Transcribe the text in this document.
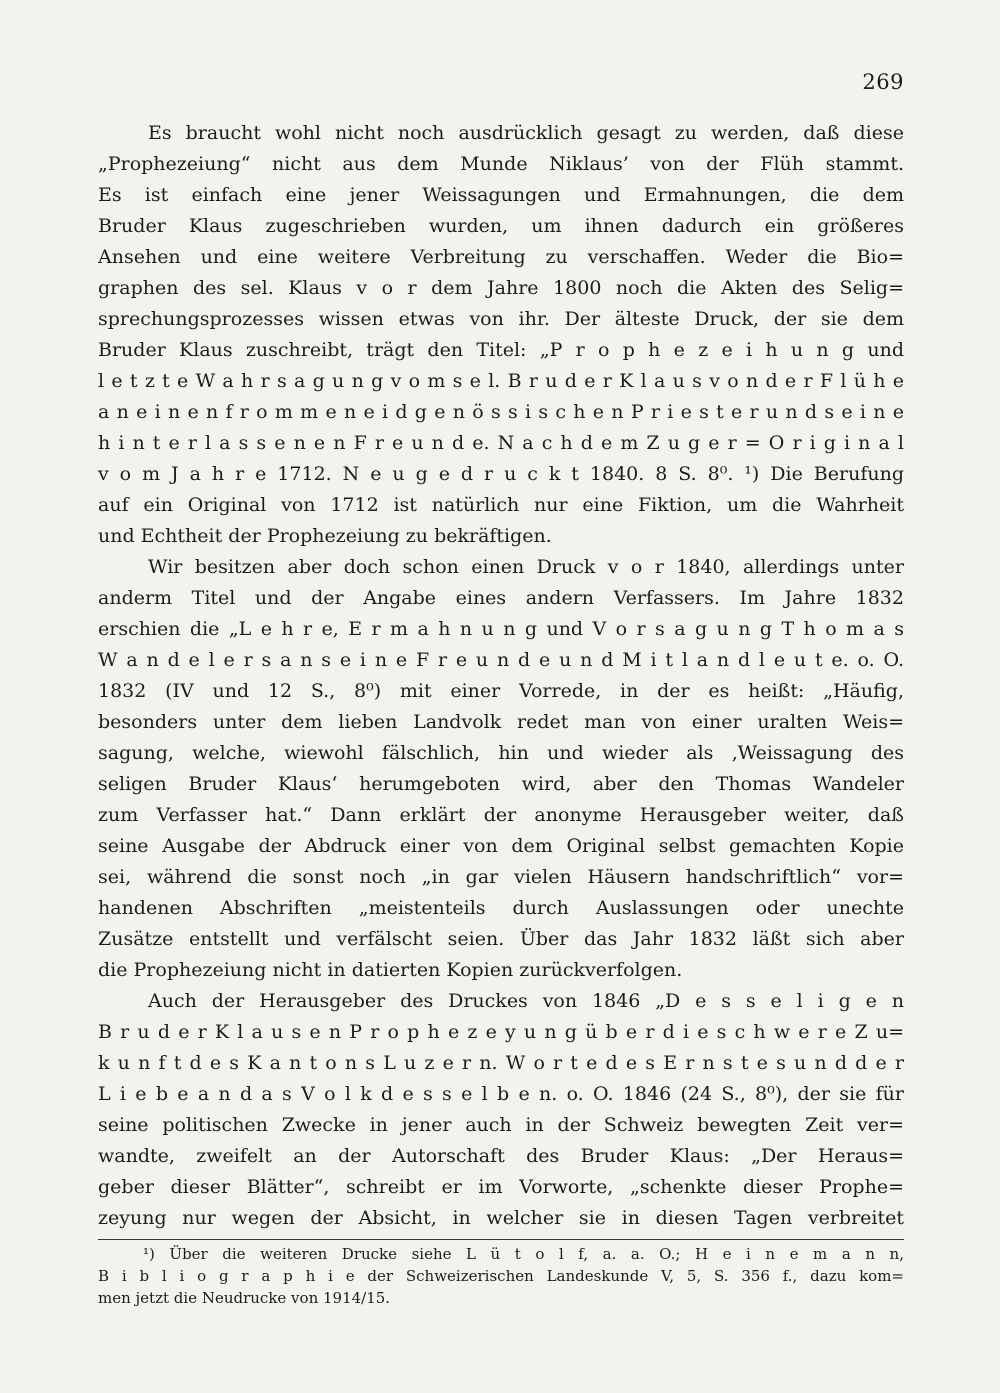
269
Es braucht wohl nicht noch ausdrücklich gesagt zu werden, daß diese
„Prophezeiung“ nicht aus dem Munde Niklaus’ von der Flüh stammt.
Es ist einfach eine jener Weissagungen und Ermahnungen, die dem
Bruder Klaus zugeschrieben wurden, um ihnen dadurch ein größeres
Ansehen und eine weitere Verbreitung zu verschaffen. Weder die Bio=
graphen des sel. Klaus v o r dem Jahre 1800 noch die Akten des Selig=
sprechungsprozesses wissen etwas von ihr. Der älteste Druck, der sie dem
Bruder Klaus zuschreibt, trägt den Titel: „P r o p h e z e i h u n g und
l e t z t e W a h r s a g u n g v o m s e l. B r u d e r K l a u s v o n d e r F l ü h e
a n e i n e n f r o m m e n e i d g e n ö s s i s c h e n P r i e s t e r u n d s e i n e
h i n t e r l a s s e n e n F r e u n d e. N a c h d e m Z u g e r = O r i g i n a l
v o m J a h r e 1712. N e u g e d r u c k t 1840. 8 S. 8⁰. ¹) Die Berufung
auf ein Original von 1712 ist natürlich nur eine Fiktion, um die Wahrheit
und Echtheit der Prophezeiung zu bekräftigen.
Wir besitzen aber doch schon einen Druck v o r 1840, allerdings unter
anderm Titel und der Angabe eines andern Verfassers. Im Jahre 1832
erschien die „L e h r e, E r m a h n u n g und V o r s a g u n g T h o m a s
W a n d e l e r s a n s e i n e F r e u n d e u n d M i t l a n d l e u t e. o. O.
1832 (IV und 12 S., 8⁰) mit einer Vorrede, in der es heißt: „Häufig,
besonders unter dem lieben Landvolk redet man von einer uralten Weis=
sagung, welche, wiewohl fälschlich, hin und wieder als ‚Weissagung des
seligen Bruder Klaus‘ herumgeboten wird, aber den Thomas Wandeler
zum Verfasser hat.“ Dann erklärt der anonyme Herausgeber weiter, daß
seine Ausgabe der Abdruck einer von dem Original selbst gemachten Kopie
sei, während die sonst noch „in gar vielen Häusern handschriftlich“ vor=
handenen Abschriften „meistenteils durch Auslassungen oder unechte
Zusätze entstellt und verfälscht seien. Über das Jahr 1832 läßt sich aber
die Prophezeiung nicht in datierten Kopien zurückverfolgen.
Auch der Herausgeber des Druckes von 1846 „D e s s e l i g e n
B r u d e r K l a u s e n P r o p h e z e y u n g ü b e r d i e s c h w e r e Z u=
k u n f t d e s K a n t o n s L u z e r n. W o r t e d e s E r n s t e s u n d d e r
L i e b e a n d a s V o l k d e s s e l b e n. o. O. 1846 (24 S., 8⁰), der sie für
seine politischen Zwecke in jener auch in der Schweiz bewegten Zeit ver=
wandte, zweifelt an der Autorschaft des Bruder Klaus: „Der Heraus=
geber dieser Blätter“, schreibt er im Vorworte, „schenkte dieser Prophe=
zeyung nur wegen der Absicht, in welcher sie in diesen Tagen verbreitet
¹) Über die weiteren Drucke siehe L ü t o l f, a. a. O.; H e i n e m a n n,
B i b l i o g r a p h i e der Schweizerischen Landeskunde V, 5, S. 356 f., dazu kom=
men jetzt die Neudrucke von 1914/15.
